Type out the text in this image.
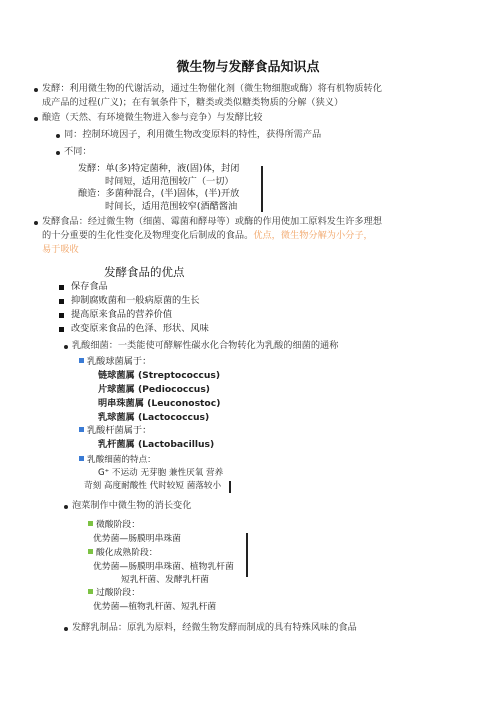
微生物与发酵食品知识点
发酵：利用微生物的代谢活动，通过生物催化剂（微生物细胞或酶）将有机物质转化
成产品的过程(广义)；在有氧条件下，糖类或类似糖类物质的分解（狭义）
酿造（天然、有环境微生物进入参与竞争）与发酵比较
同：控制环境因子，利用微生物改变原料的特性，获得所需产品
不同：
发酵：单(多)特定菌种，液(固)体，封闭
时间短，适用范围较广（一切）
酿造：多菌种混合，(半)固体，(半)开放
时间长，适用范围较窄(酒醋酱油
发酵食品：经过微生物（细菌、霉菌和酵母等）或酶的作用使加工原料发生许多理想
的十分重要的生化性变化及物理变化后制成的食品。优点，微生物分解为小分子，
易于吸收
发酵食品的优点
保存食品
抑制腐败菌和一般病原菌的生长
提高原来食品的营养价值
改变原来食品的色泽、形状、风味
乳酸细菌：一类能使可酵解性碳水化合物转化为乳酸的细菌的通称
乳酸球菌属于：
链球菌属 (Streptococcus)
片球菌属 (Pediococcus)
明串珠菌属 (Leuconostoc)
乳球菌属 (Lactococcus)
乳酸杆菌属于：
乳杆菌属 (Lactobacillus)
乳酸细菌的特点：
G⁺ 不运动 无芽胞 兼性厌氧 营养
苛刻 高度耐酸性 代时较短 菌落较小
泡菜制作中微生物的消长变化
微酸阶段：
优势菌—肠膜明串珠菌
酸化成熟阶段：
优势菌—肠膜明串珠菌、植物乳杆菌
短乳杆菌、发酵乳杆菌
过酸阶段：
优势菌—植物乳杆菌、短乳杆菌
发酵乳制品：原乳为原料，经微生物发酵而制成的具有特殊风味的食品
